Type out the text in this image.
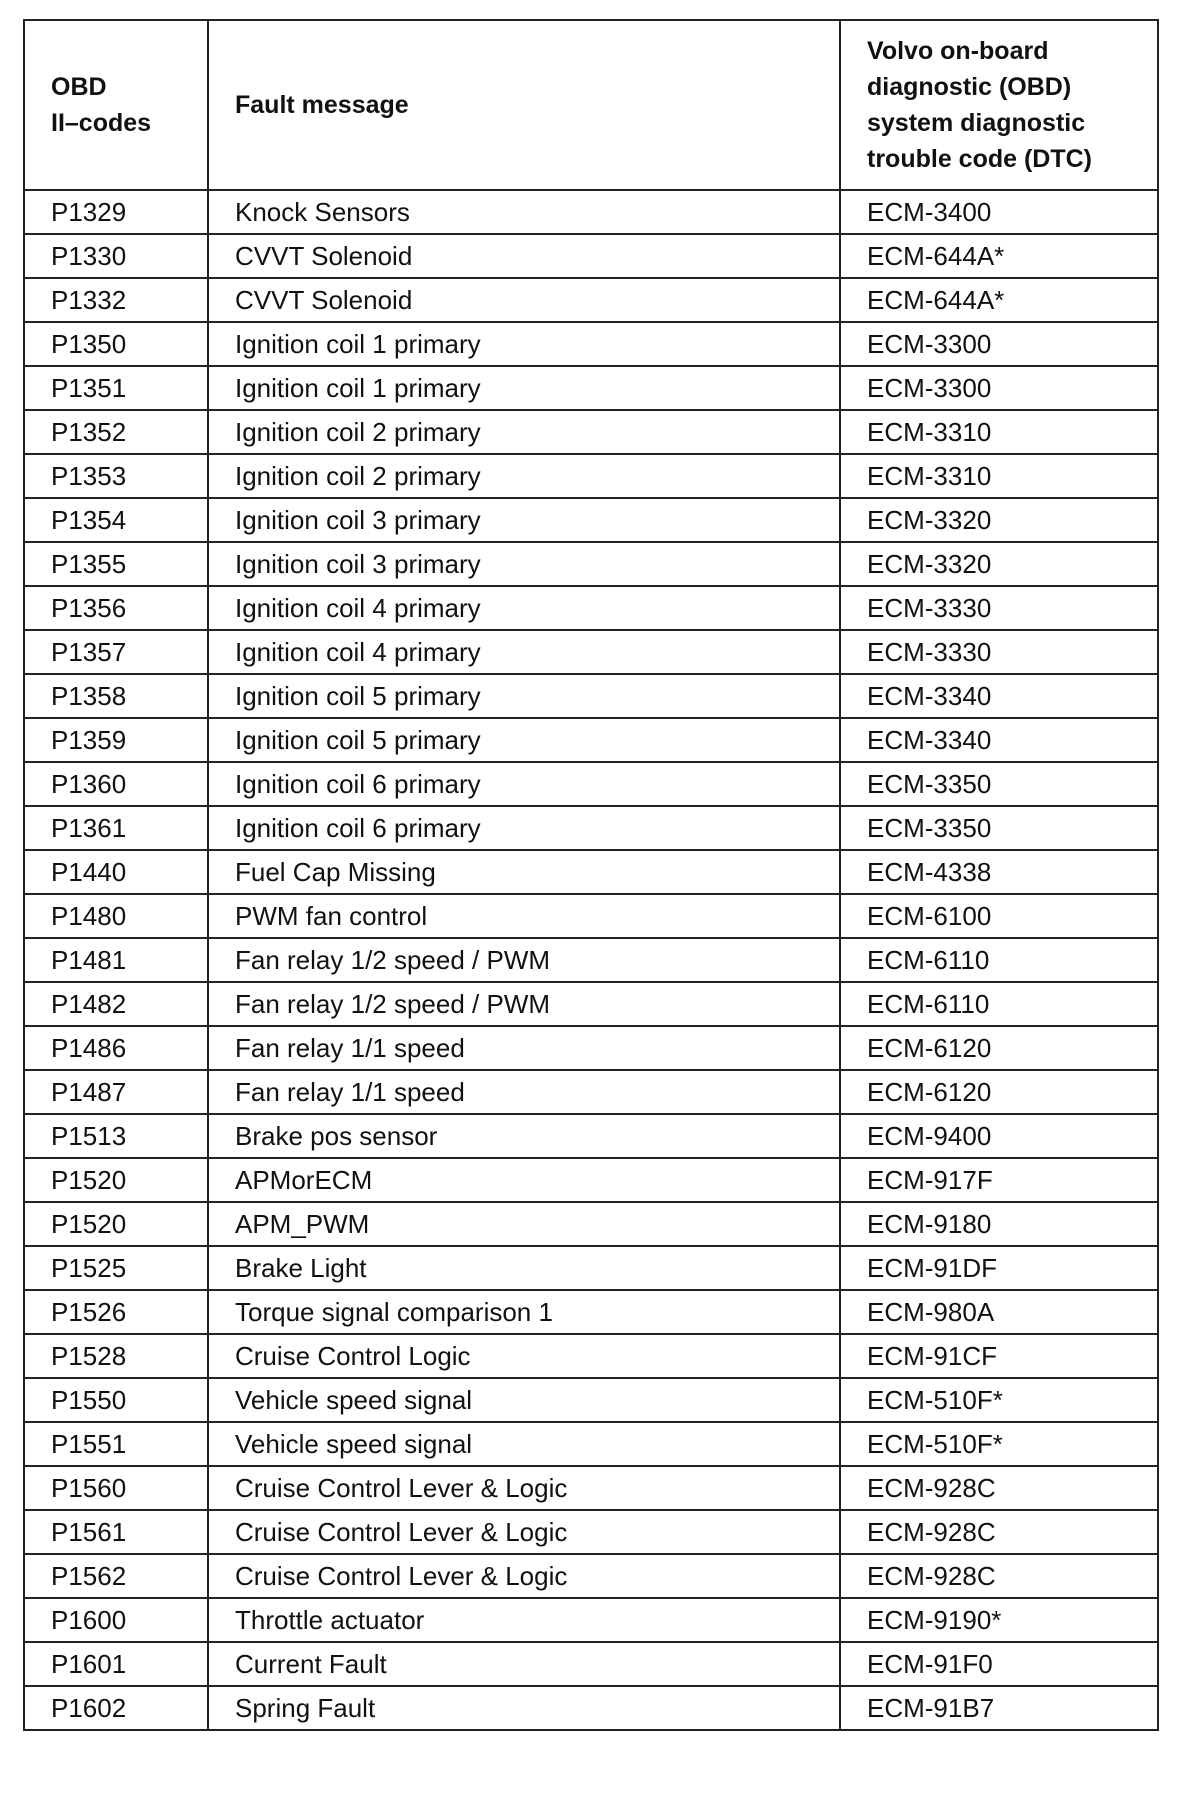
OBD
II–codes	Fault message	Volvo on-board diagnostic (OBD) system diagnostic trouble code (DTC)
P1329	Knock Sensors	ECM-3400
P1330	CVVT Solenoid	ECM-644A*
P1332	CVVT Solenoid	ECM-644A*
P1350	Ignition coil 1 primary	ECM-3300
P1351	Ignition coil 1 primary	ECM-3300
P1352	Ignition coil 2 primary	ECM-3310
P1353	Ignition coil 2 primary	ECM-3310
P1354	Ignition coil 3 primary	ECM-3320
P1355	Ignition coil 3 primary	ECM-3320
P1356	Ignition coil 4 primary	ECM-3330
P1357	Ignition coil 4 primary	ECM-3330
P1358	Ignition coil 5 primary	ECM-3340
P1359	Ignition coil 5 primary	ECM-3340
P1360	Ignition coil 6 primary	ECM-3350
P1361	Ignition coil 6 primary	ECM-3350
P1440	Fuel Cap Missing	ECM-4338
P1480	PWM fan control	ECM-6100
P1481	Fan relay 1/2 speed / PWM	ECM-6110
P1482	Fan relay 1/2 speed / PWM	ECM-6110
P1486	Fan relay 1/1 speed	ECM-6120
P1487	Fan relay 1/1 speed	ECM-6120
P1513	Brake pos sensor	ECM-9400
P1520	APMorECM	ECM-917F
P1520	APM_PWM	ECM-9180
P1525	Brake Light	ECM-91DF
P1526	Torque signal comparison 1	ECM-980A
P1528	Cruise Control Logic	ECM-91CF
P1550	Vehicle speed signal	ECM-510F*
P1551	Vehicle speed signal	ECM-510F*
P1560	Cruise Control Lever & Logic	ECM-928C
P1561	Cruise Control Lever & Logic	ECM-928C
P1562	Cruise Control Lever & Logic	ECM-928C
P1600	Throttle actuator	ECM-9190*
P1601	Current Fault	ECM-91F0
P1602	Spring Fault	ECM-91B7
